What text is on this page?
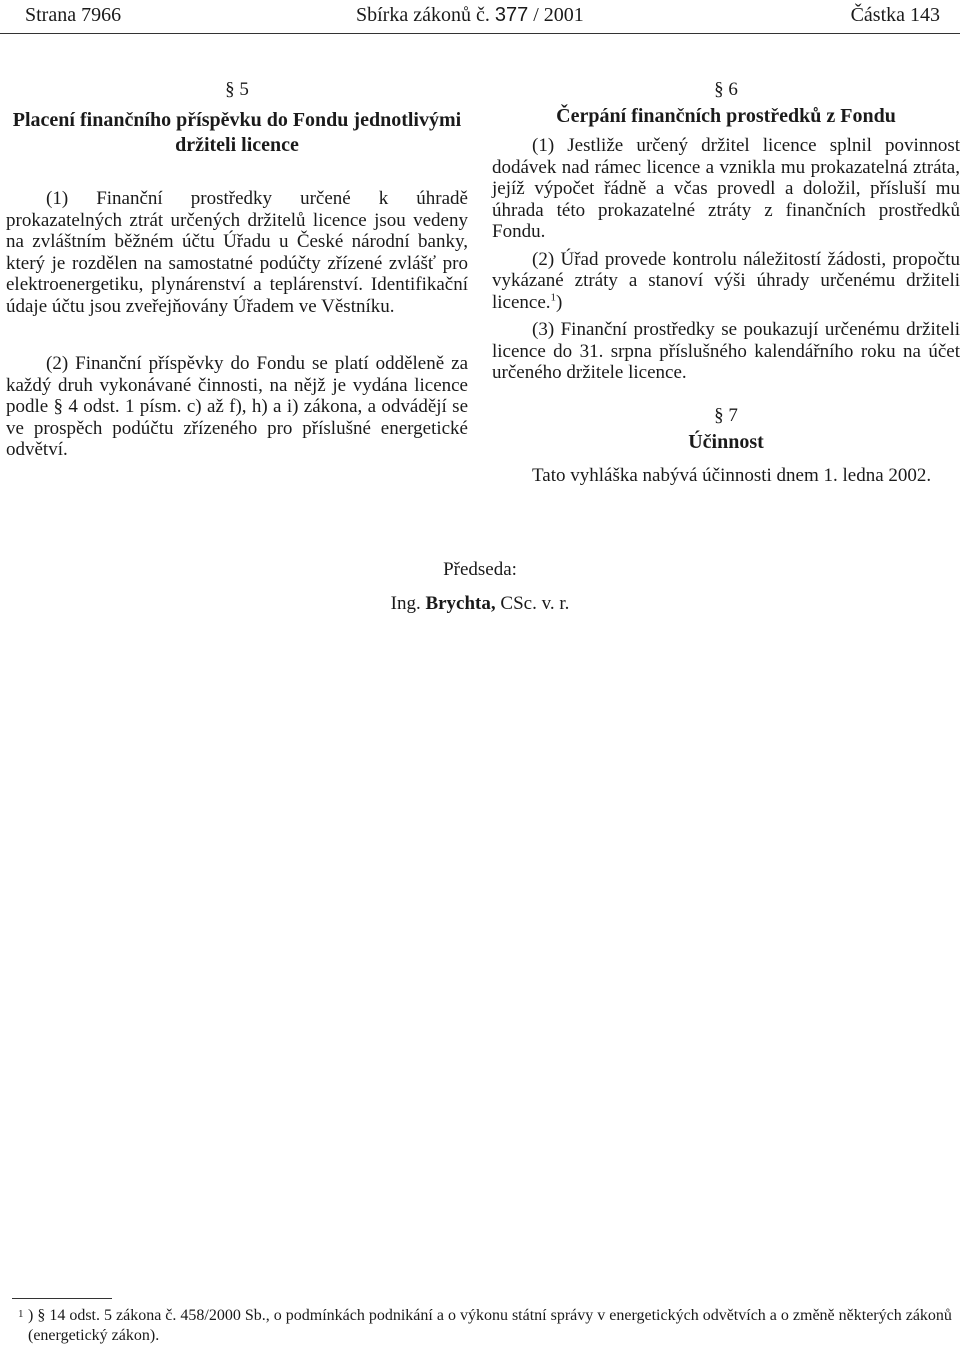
Strana 7966	Sbírka zákonů č. 377 / 2001	Částka 143
§ 5
Placení finančního příspěvku do Fondu jednotlivými držiteli licence

(1) Finanční prostředky určené k úhradě prokazatelných ztrát určených držitelů licence jsou vedeny na zvláštním běžném účtu Úřadu u České národní banky, který je rozdělen na samostatné podúčty zřízené zvlášť pro elektroenergetiku, plynárenství a teplárenství. Identifikační údaje účtu jsou zveřejňovány Úřadem ve Věstníku.

(2) Finanční příspěvky do Fondu se platí odděleně za každý druh vykonávané činnosti, na nějž je vydána licence podle § 4 odst. 1 písm. c) až f), h) a i) zákona, a odvádějí se ve prospěch podúčtu zřízeného pro příslušné energetické odvětví.

§ 6
Čerpání finančních prostředků z Fondu

(1) Jestliže určený držitel licence splnil povinnost dodávek nad rámec licence a vznikla mu prokazatelná ztráta, jejíž výpočet řádně a včas provedl a doložil, přísluší mu úhrada této prokazatelné ztráty z finančních prostředků Fondu.

(2) Úřad provede kontrolu náležitostí žádosti, propočtu vykázané ztráty a stanoví výši úhrady určenému držiteli licence.$^1$)

(3) Finanční prostředky se poukazují určenému držiteli licence do 31. srpna příslušného kalendářního roku na účet určeného držitele licence.

§ 7
Účinnost

Tato vyhláška nabývá účinnosti dnem 1. ledna 2002.

Předseda:
Ing. Brychta, CSc. v. r.
1 ) § 14 odst. 5 zákona č. 458/2000 Sb., o podmínkách podnikání a o výkonu státní správy v energetických odvětvích a o změně některých zákonů (energetický zákon).
